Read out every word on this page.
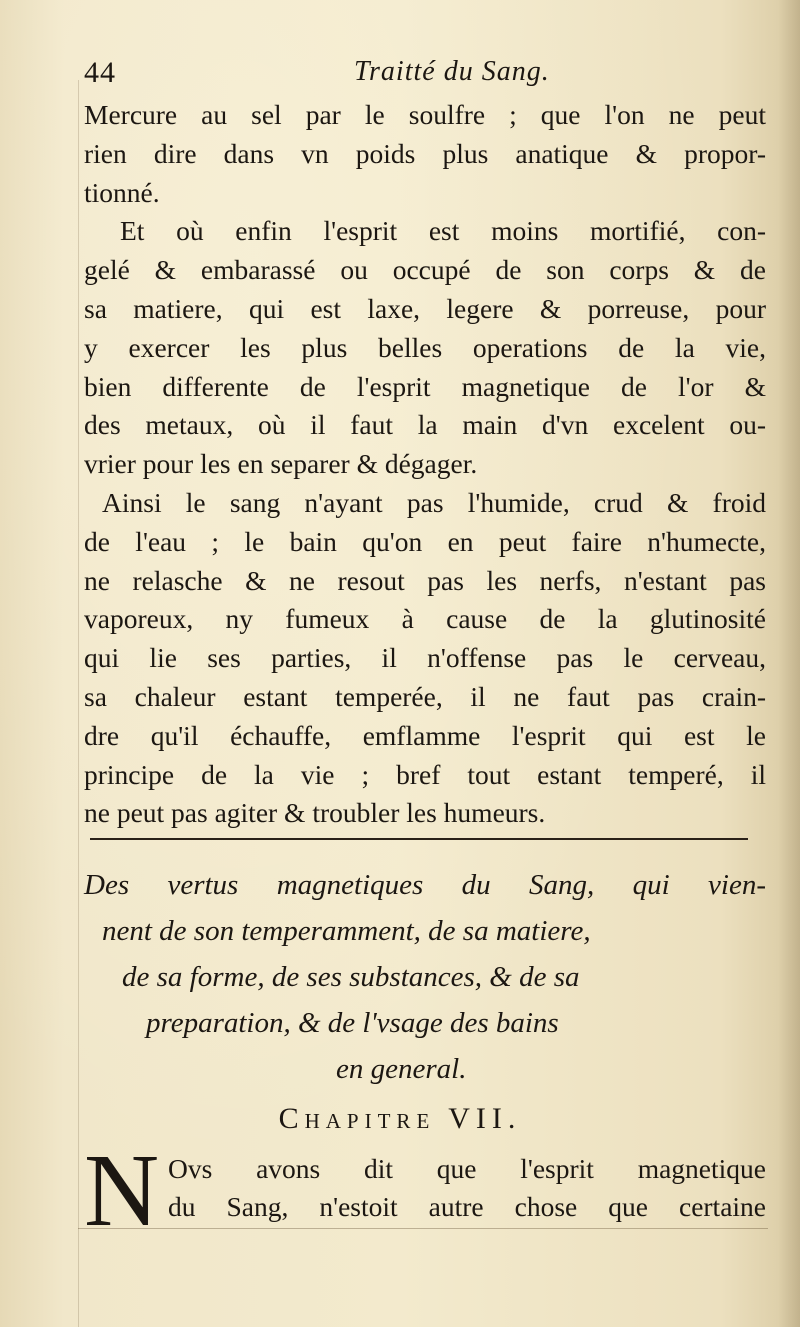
44	Traitté du Sang.
Mercure au sel par le soulfre ; que l'on ne peut
rien dire dans vn poids plus anatique & propor-
tionné.
Et où enfin l'esprit est moins mortifié, con-
gelé & embarassé ou occupé de son corps & de
sa matiere, qui est laxe, legere & porreuse, pour
y exercer les plus belles operations de la vie,
bien differente de l'esprit magnetique de l'or &
des metaux, où il faut la main d'vn excelent ou-
vrier pour les en separer & dégager.
Ainsi le sang n'ayant pas l'humide, crud & froid
de l'eau ; le bain qu'on en peut faire n'humecte,
ne relasche & ne resout pas les nerfs, n'estant pas
vaporeux, ny fumeux à cause de la glutinosité
qui lie ses parties, il n'offense pas le cerveau,
sa chaleur estant temperée, il ne faut pas crain-
dre qu'il échauffe, emflamme l'esprit qui est le
principe de la vie ; bref tout estant temperé, il
ne peut pas agiter & troubler les humeurs.
Des vertus magnetiques du Sang, qui vien-
nent de son temperamment, de sa matiere,
de sa forme, de ses substances, & de sa
preparation, & de l'vsage des bains
en general.
Chapitre VII.
N Ovs avons dit que l'esprit magnetique
du Sang, n'estoit autre chose que certaine
